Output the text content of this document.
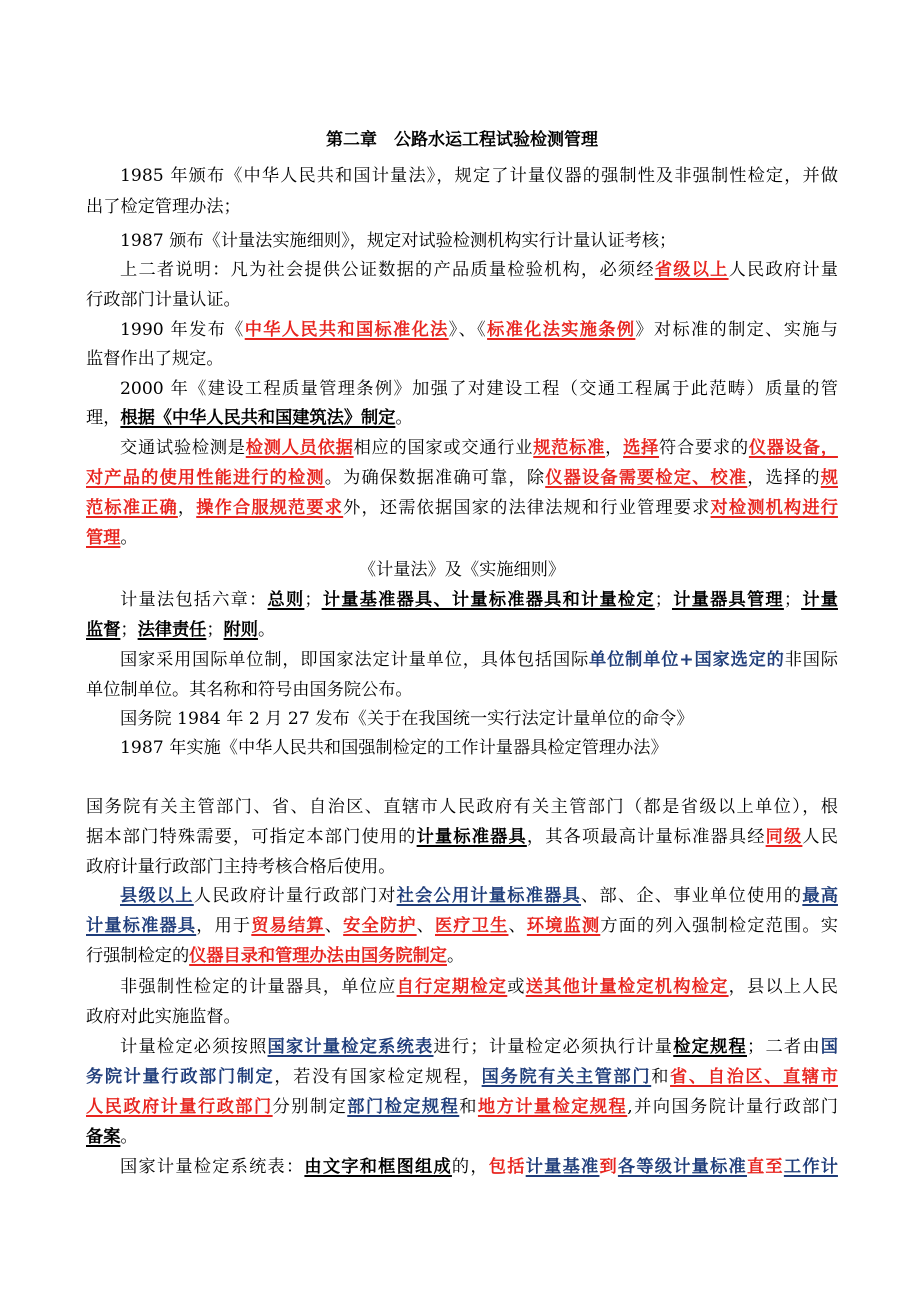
第二章　公路水运工程试验检测管理
1985 年颁布《中华人民共和国计量法》，规定了计量仪器的强制性及非强制性检定，并做
出了检定管理办法；
1987 颁布《计量法实施细则》，规定对试验检测机构实行计量认证考核；
上二者说明：凡为社会提供公证数据的产品质量检验机构，必须经省级以上人民政府计量
行政部门计量认证。
1990 年发布《中华人民共和国标准化法》、《标准化法实施条例》对标准的制定、实施与
监督作出了规定。
2000 年《建设工程质量管理条例》加强了对建设工程（交通工程属于此范畴）质量的管
理，根据《中华人民共和国建筑法》制定。
交通试验检测是检测人员依据相应的国家或交通行业规范标准，选择符合要求的仪器设备，
对产品的使用性能进行的检测。为确保数据准确可靠，除仪器设备需要检定、校准，选择的规
范标准正确，操作合服规范要求外，还需依据国家的法律法规和行业管理要求对检测机构进行
管理。
《计量法》及《实施细则》
计量法包括六章：总则；计量基准器具、计量标准器具和计量检定；计量器具管理；计量
监督；法律责任；附则。
国家采用国际单位制，即国家法定计量单位，具体包括国际单位制单位+国家选定的非国际
单位制单位。其名称和符号由国务院公布。
国务院 1984 年 2 月 27 发布《关于在我国统一实行法定计量单位的命令》
1987 年实施《中华人民共和国强制检定的工作计量器具检定管理办法》
国务院有关主管部门、省、自治区、直辖市人民政府有关主管部门（都是省级以上单位），根
据本部门特殊需要，可指定本部门使用的计量标准器具，其各项最高计量标准器具经同级人民
政府计量行政部门主持考核合格后使用。
县级以上人民政府计量行政部门对社会公用计量标准器具、部、企、事业单位使用的最高
计量标准器具，用于贸易结算、安全防护、医疗卫生、环境监测方面的列入强制检定范围。实
行强制检定的仪器目录和管理办法由国务院制定。
非强制性检定的计量器具，单位应自行定期检定或送其他计量检定机构检定，县以上人民
政府对此实施监督。
计量检定必须按照国家计量检定系统表进行；计量检定必须执行计量检定规程；二者由国
务院计量行政部门制定，若没有国家检定规程，国务院有关主管部门和省、自治区、直辖市
人民政府计量行政部门分别制定部门检定规程和地方计量检定规程,并向国务院计量行政部门
备案。
国家计量检定系统表：由文字和框图组成的，包括计量基准到各等级计量标准直至工作计
